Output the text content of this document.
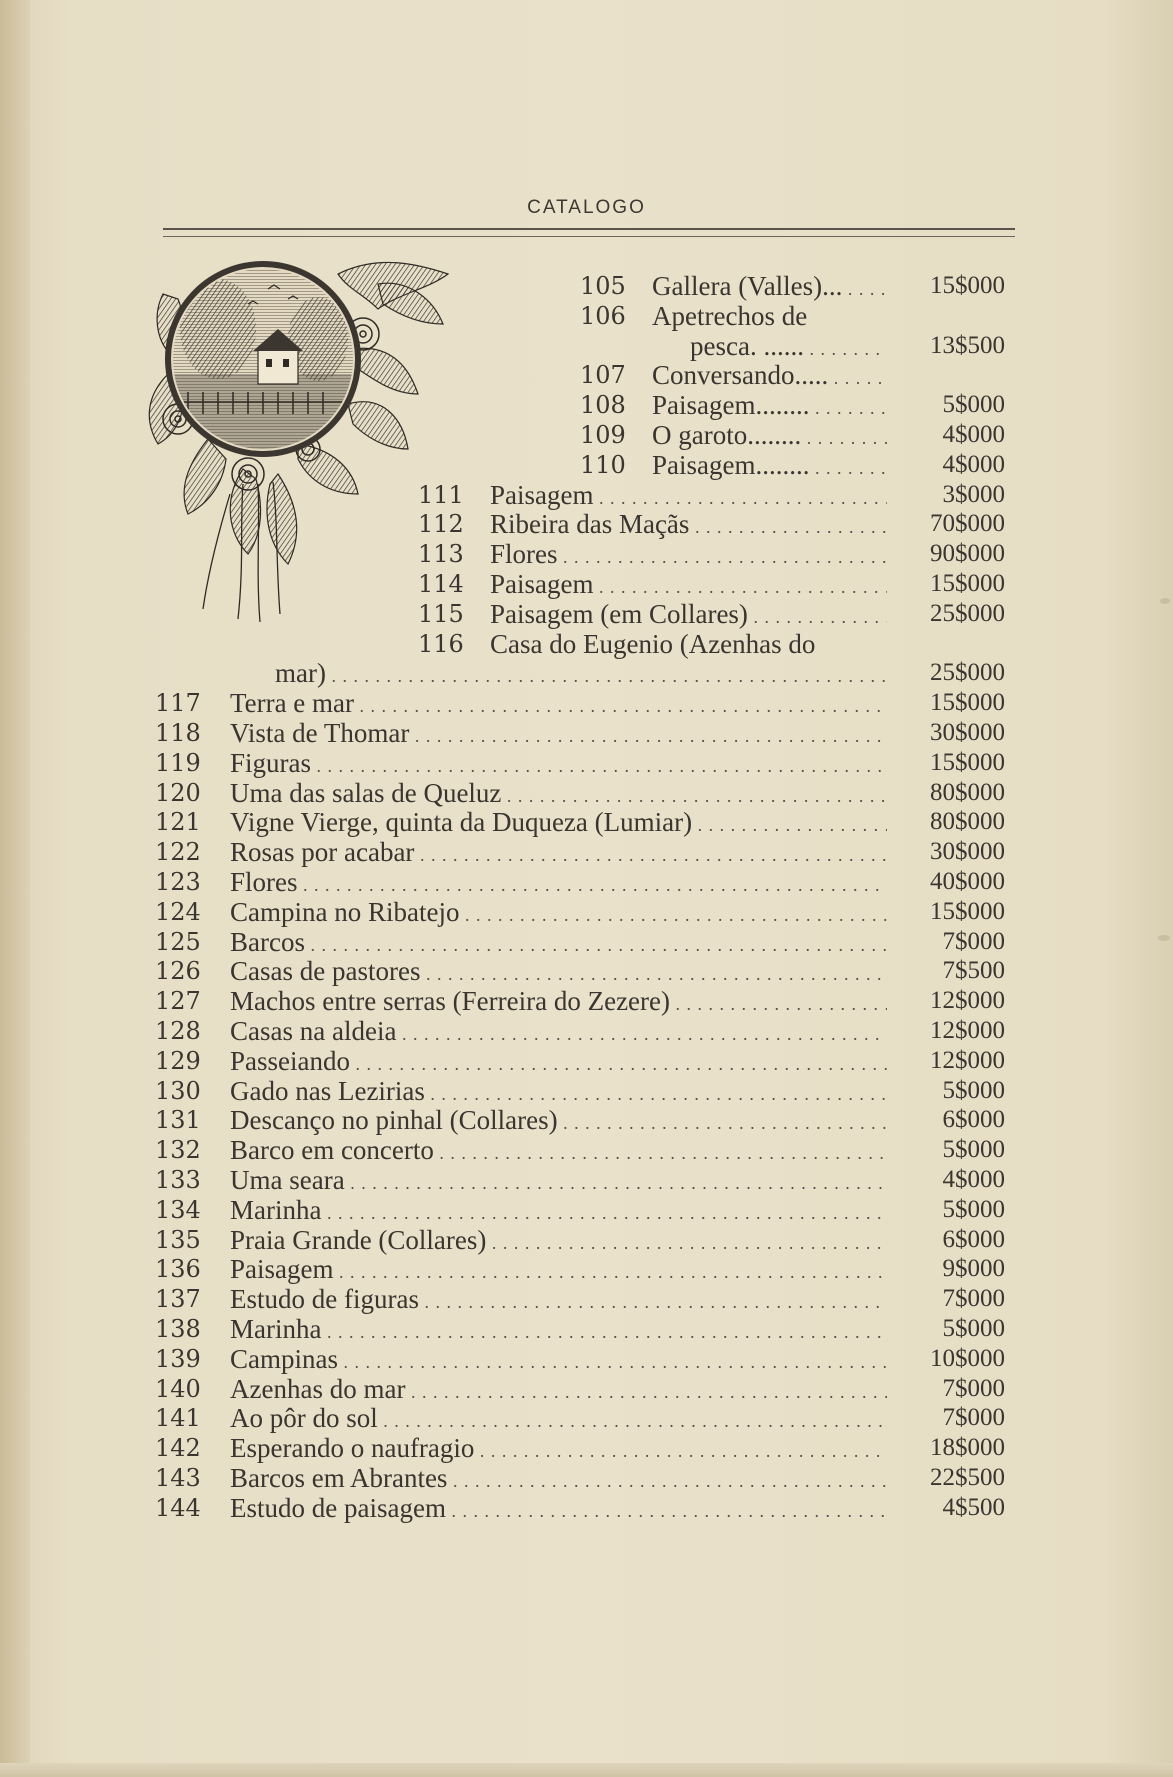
CATALOGO
105 Gallera (Valles)... . . .	15$000
106 Apetrechos de
pesca. ...... . . .	13$500
107 Conversando..... . . .
108 Paisagem........ . . .	5$000
109 O garoto........ . . .	4$000
110 Paisagem........ . . .	4$000
111 Paisagem . . .	3$000
112 Ribeira das Maçãs . . .	70$000
113 Flores . . .	90$000
114 Paisagem . . .	15$000
115 Paisagem (em Collares) . . .	25$000
116 Casa do Eugenio (Azenhas do
mar) . . .	25$000
117 Terra e mar . . .	15$000
118 Vista de Thomar . . .	30$000
119 Figuras . . .	15$000
120 Uma das salas de Queluz . . .	80$000
121 Vigne Vierge, quinta da Duqueza (Lumiar) . . .	80$000
122 Rosas por acabar . . .	30$000
123 Flores . . .	40$000
124 Campina no Ribatejo . . .	15$000
125 Barcos . . .	7$000
126 Casas de pastores . . .	7$500
127 Machos entre serras (Ferreira do Zezere) . . .	12$000
128 Casas na aldeia . . .	12$000
129 Passeiando . . .	12$000
130 Gado nas Lezirias . . .	5$000
131 Descanço no pinhal (Collares) . . .	6$000
132 Barco em concerto . . .	5$000
133 Uma seara . . .	4$000
134 Marinha . . .	5$000
135 Praia Grande (Collares) . . .	6$000
136 Paisagem . . .	9$000
137 Estudo de figuras . . .	7$000
138 Marinha . . .	5$000
139 Campinas . . .	10$000
140 Azenhas do mar . . .	7$000
141 Ao pôr do sol . . .	7$000
142 Esperando o naufragio . . .	18$000
143 Barcos em Abrantes . . .	22$500
144 Estudo de paisagem . . .	4$500
